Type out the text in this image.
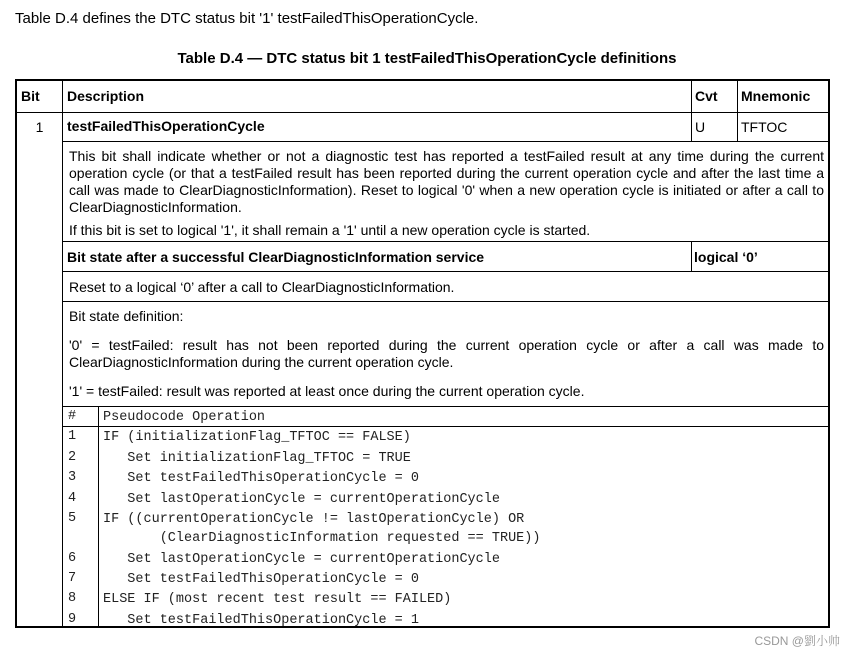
Table D.4 defines the DTC status bit '1' testFailedThisOperationCycle.
Table D.4 — DTC status bit 1 testFailedThisOperationCycle definitions
Bit Description	Cvt Mnemonic
1	testFailedThisOperationCycle	U	TFTOC
This bit shall indicate whether or not a diagnostic test has reported a testFailed result at any time during the current operation cycle (or that a testFailed result has been reported during the current operation cycle and after the last time a call was made to ClearDiagnosticInformation). Reset to logical '0' when a new operation cycle is initiated or after a call to ClearDiagnosticInformation.
If this bit is set to logical '1', it shall remain a '1' until a new operation cycle is started.
Bit state after a successful ClearDiagnosticInformation service	logical ‘0’
Reset to a logical ‘0’ after a call to ClearDiagnosticInformation.
Bit state definition:
'0' = testFailed: result has not been reported during the current operation cycle or after a call was made to ClearDiagnosticInformation during the current operation cycle.
'1' = testFailed: result was reported at least once during the current operation cycle.
# Pseudocode Operation
1 IF (initializationFlag_TFTOC == FALSE)
2 Set initializationFlag_TFTOC = TRUE
3 Set testFailedThisOperationCycle = 0
4 Set lastOperationCycle = currentOperationCycle
5 IF ((currentOperationCycle != lastOperationCycle) OR
(ClearDiagnosticInformation requested == TRUE))
6 Set lastOperationCycle = currentOperationCycle
7 Set testFailedThisOperationCycle = 0
8 ELSE IF (most recent test result == FAILED)
9 Set testFailedThisOperationCycle = 1
CSDN @劉小帅
